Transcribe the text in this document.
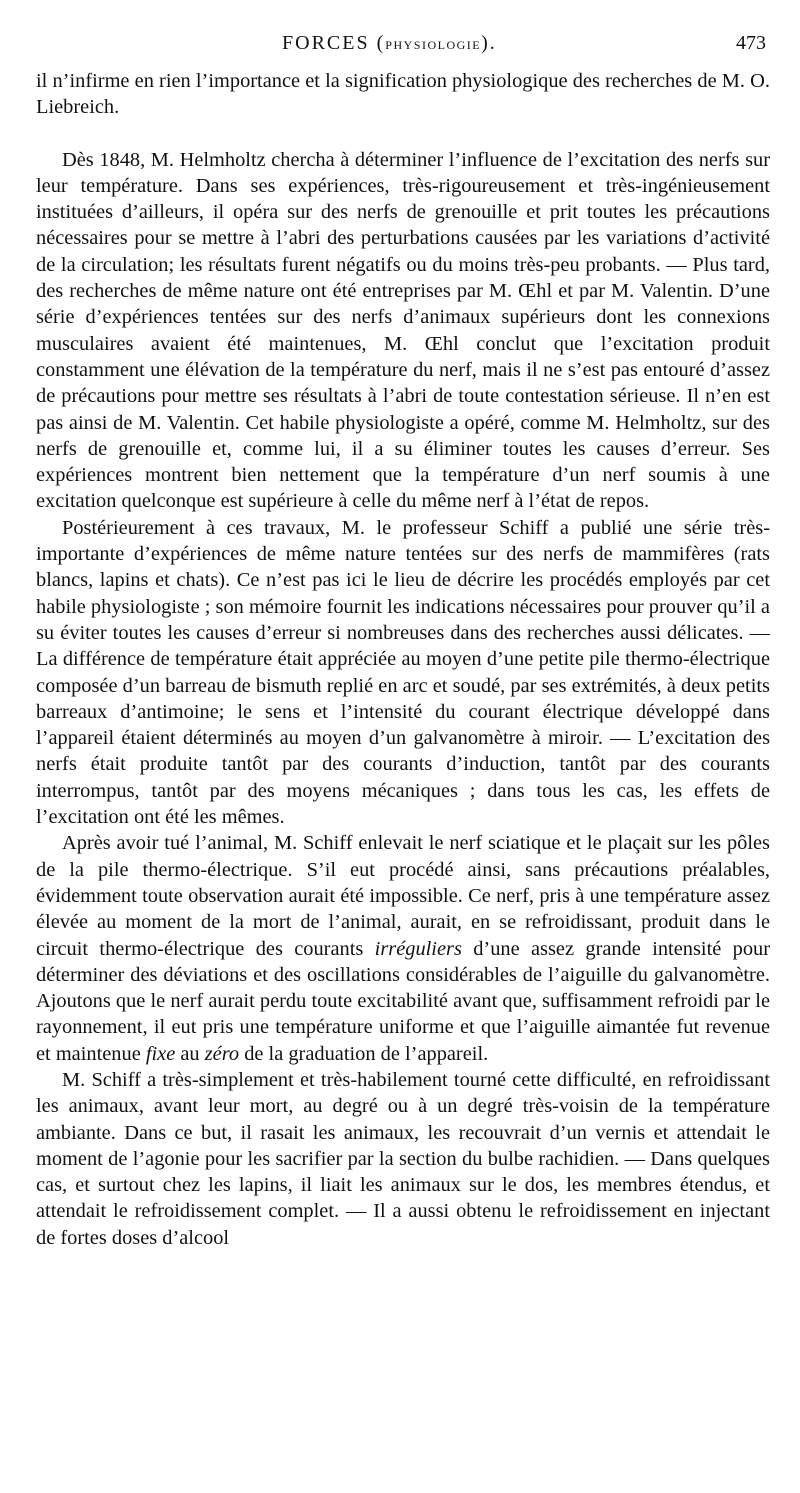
FORCES (PHYSIOLOGIE).	473

il n’infirme en rien l’importance et la signification physiologique des recherches de M. O. Liebreich.

Dès 1848, M. Helmholtz chercha à déterminer l’influence de l’excitation des nerfs sur leur température. Dans ses expériences, très-rigoureusement et très-ingénieusement instituées d’ailleurs, il opéra sur des nerfs de grenouille et prit toutes les précautions nécessaires pour se mettre à l’abri des perturbations causées par les variations d’activité de la circulation; les résultats furent négatifs ou du moins très-peu probants. — Plus tard, des recherches de même nature ont été entreprises par M. Œhl et par M. Valentin. D’une série d’expériences tentées sur des nerfs d’animaux supérieurs dont les connexions musculaires avaient été maintenues, M. Œhl conclut que l’excitation produit constamment une élévation de la température du nerf, mais il ne s’est pas entouré d’assez de précautions pour mettre ses résultats à l’abri de toute contestation sérieuse. Il n’en est pas ainsi de M. Valentin. Cet habile physiologiste a opéré, comme M. Helmholtz, sur des nerfs de grenouille et, comme lui, il a su éliminer toutes les causes d’erreur. Ses expériences montrent bien nettement que la température d’un nerf soumis à une excitation quelconque est supérieure à celle du même nerf à l’état de repos.

Postérieurement à ces travaux, M. le professeur Schiff a publié une série très-importante d’expériences de même nature tentées sur des nerfs de mammifères (rats blancs, lapins et chats). Ce n’est pas ici le lieu de décrire les procédés employés par cet habile physiologiste ; son mémoire fournit les indications nécessaires pour prouver qu’il a su éviter toutes les causes d’erreur si nombreuses dans des recherches aussi délicates. — La différence de température était appréciée au moyen d’une petite pile thermo-électrique composée d’un barreau de bismuth replié en arc et soudé, par ses extrémités, à deux petits barreaux d’antimoine; le sens et l’intensité du courant électrique développé dans l’appareil étaient déterminés au moyen d’un galvanomètre à miroir. — L’excitation des nerfs était produite tantôt par des courants d’induction, tantôt par des courants interrompus, tantôt par des moyens mécaniques ; dans tous les cas, les effets de l’excitation ont été les mêmes.

Après avoir tué l’animal, M. Schiff enlevait le nerf sciatique et le plaçait sur les pôles de la pile thermo-électrique. S’il eut procédé ainsi, sans précautions préalables, évidemment toute observation aurait été impossible. Ce nerf, pris à une température assez élevée au moment de la mort de l’animal, aurait, en se refroidissant, produit dans le circuit thermo-électrique des courants irréguliers d’une assez grande intensité pour déterminer des déviations et des oscillations considérables de l’aiguille du galvanomètre. Ajoutons que le nerf aurait perdu toute excitabilité avant que, suffisamment refroidi par le rayonnement, il eut pris une température uniforme et que l’aiguille aimantée fut revenue et maintenue fixe au zéro de la graduation de l’appareil.

M. Schiff a très-simplement et très-habilement tourné cette difficulté, en refroidissant les animaux, avant leur mort, au degré ou à un degré très-voisin de la température ambiante. Dans ce but, il rasait les animaux, les recouvrait d’un vernis et attendait le moment de l’agonie pour les sacrifier par la section du bulbe rachidien. — Dans quelques cas, et surtout chez les lapins, il liait les animaux sur le dos, les membres étendus, et attendait le refroidissement complet. — Il a aussi obtenu le refroidissement en injectant de fortes doses d’alcool
